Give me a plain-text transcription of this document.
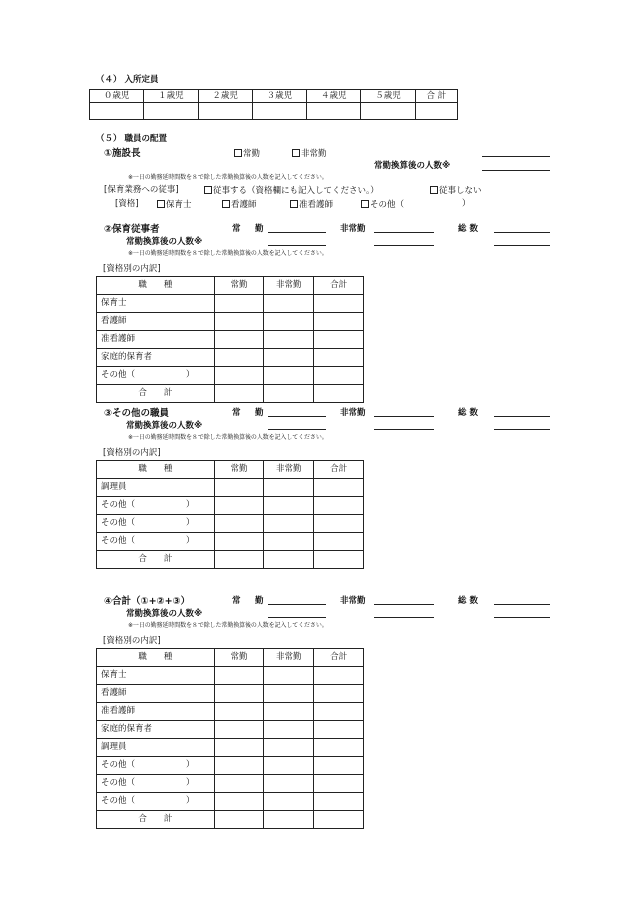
（４） 入所定員
０歳児	１歳児	２歳児	３歳児	４歳児	５歳児	合 計

（５） 職員の配置
①施設長	常勤	非常勤
常勤換算後の人数※
※一日の勤務延時間数を８で除した常勤換算後の人数を記入してください。
[保育業務への従事]	従事する（資格欄にも記入してください。）	従事しない
[資格]	保育士	看護師	准看護師	その他（	）
②保育従事者	常　勤	非常勤	総数
常勤換算後の人数※
※一日の勤務延時間数を８で除した常勤換算後の人数を記入してください。
[資格別の内訳]
職　　種	常勤	非常勤	合計
保育士			
看護師			
准看護師			
家庭的保育者			
その他（　　　　　　）			
合　　計			
③その他の職員	常　勤	非常勤	総数
常勤換算後の人数※
※一日の勤務延時間数を８で除した常勤換算後の人数を記入してください。
[資格別の内訳]
職　　種	常勤	非常勤	合計
調理員			
その他（　　　　　　）			
その他（　　　　　　）			
その他（　　　　　　）			
合　　計			
④合計（①+②+③）	常　勤	非常勤	総数
常勤換算後の人数※
※一日の勤務延時間数を８で除した常勤換算後の人数を記入してください。
[資格別の内訳]
職　　種	常勤	非常勤	合計
保育士			
看護師			
准看護師			
家庭的保育者			
調理員			
その他（　　　　　　）			
その他（　　　　　　）			
その他（　　　　　　）			
合　　計			
